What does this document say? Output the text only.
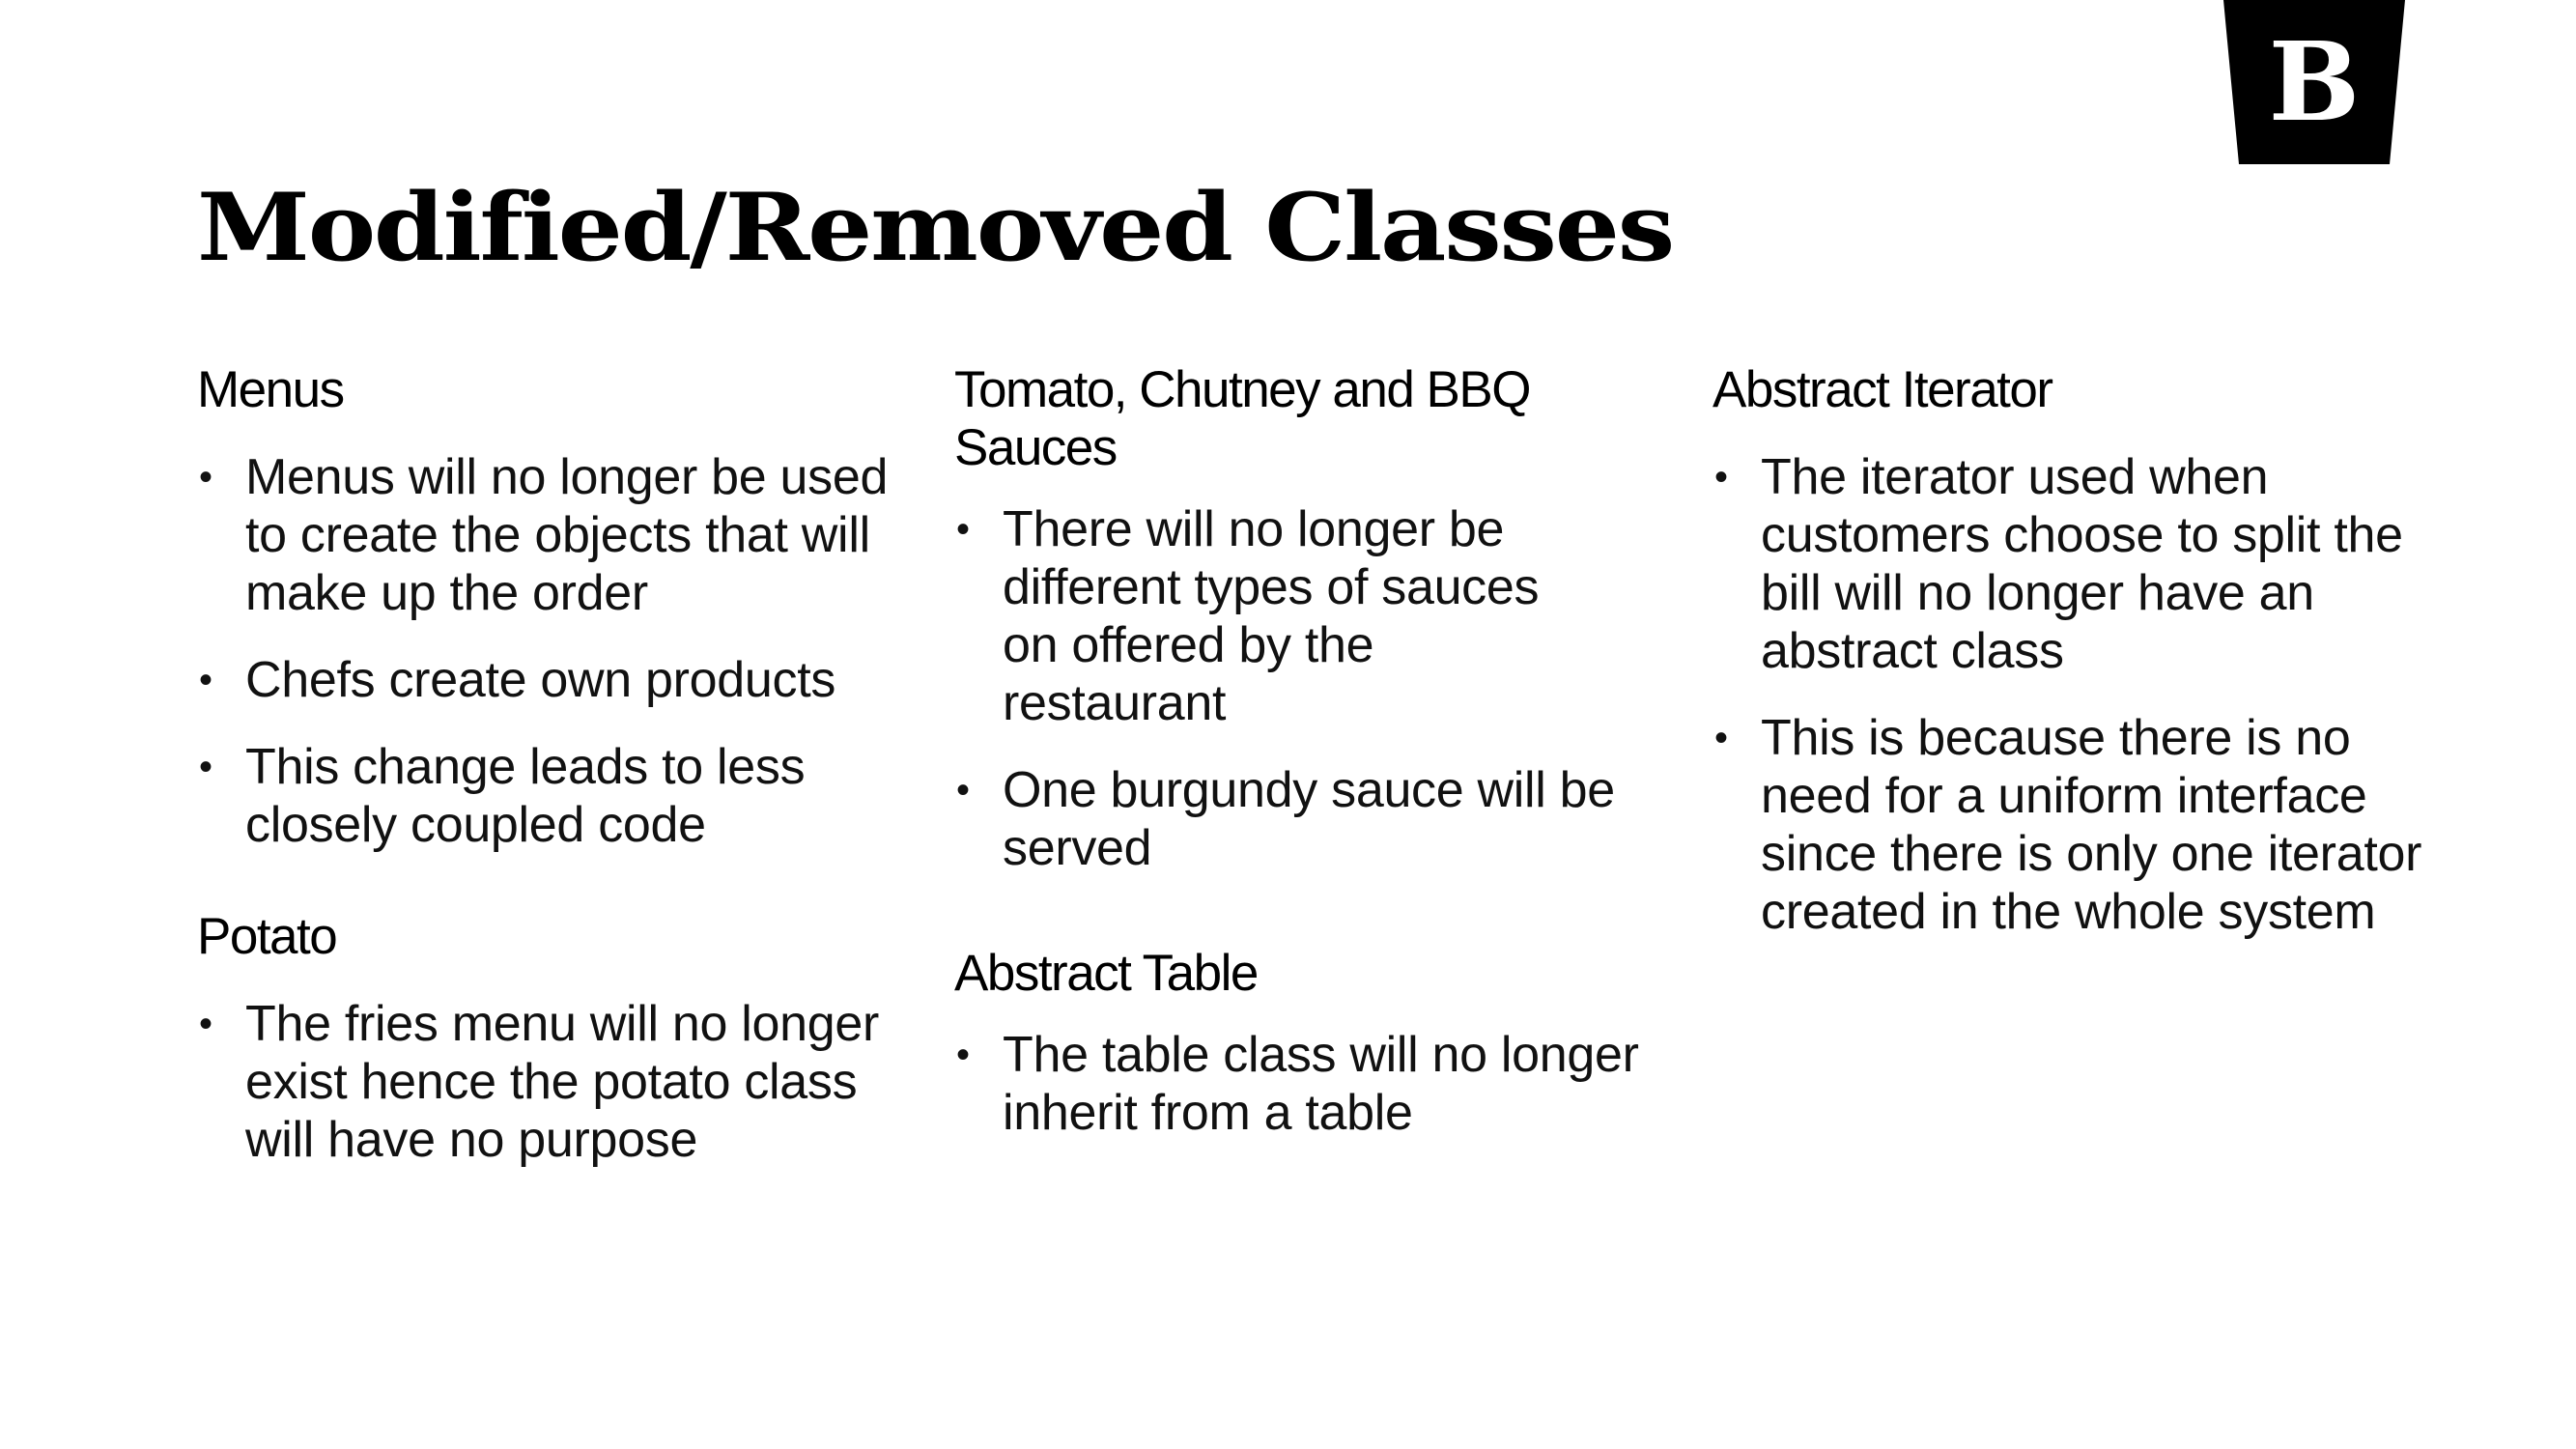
B
Modified/Removed Classes
Menus
• Menus will no longer be used to create the objects that will make up the order
• Chefs create own products
• This change leads to less closely coupled code
Potato
• The fries menu will no longer exist hence the potato class will have no purpose
Tomato, Chutney and BBQ Sauces
• There will no longer be different types of sauces on offered by the restaurant
• One burgundy sauce will be served
Abstract Table
• The table class will no longer inherit from a table
Abstract Iterator
• The iterator used when customers choose to split the bill will no longer have an abstract class
• This is because there is no need for a uniform interface since there is only one iterator created in the whole system
